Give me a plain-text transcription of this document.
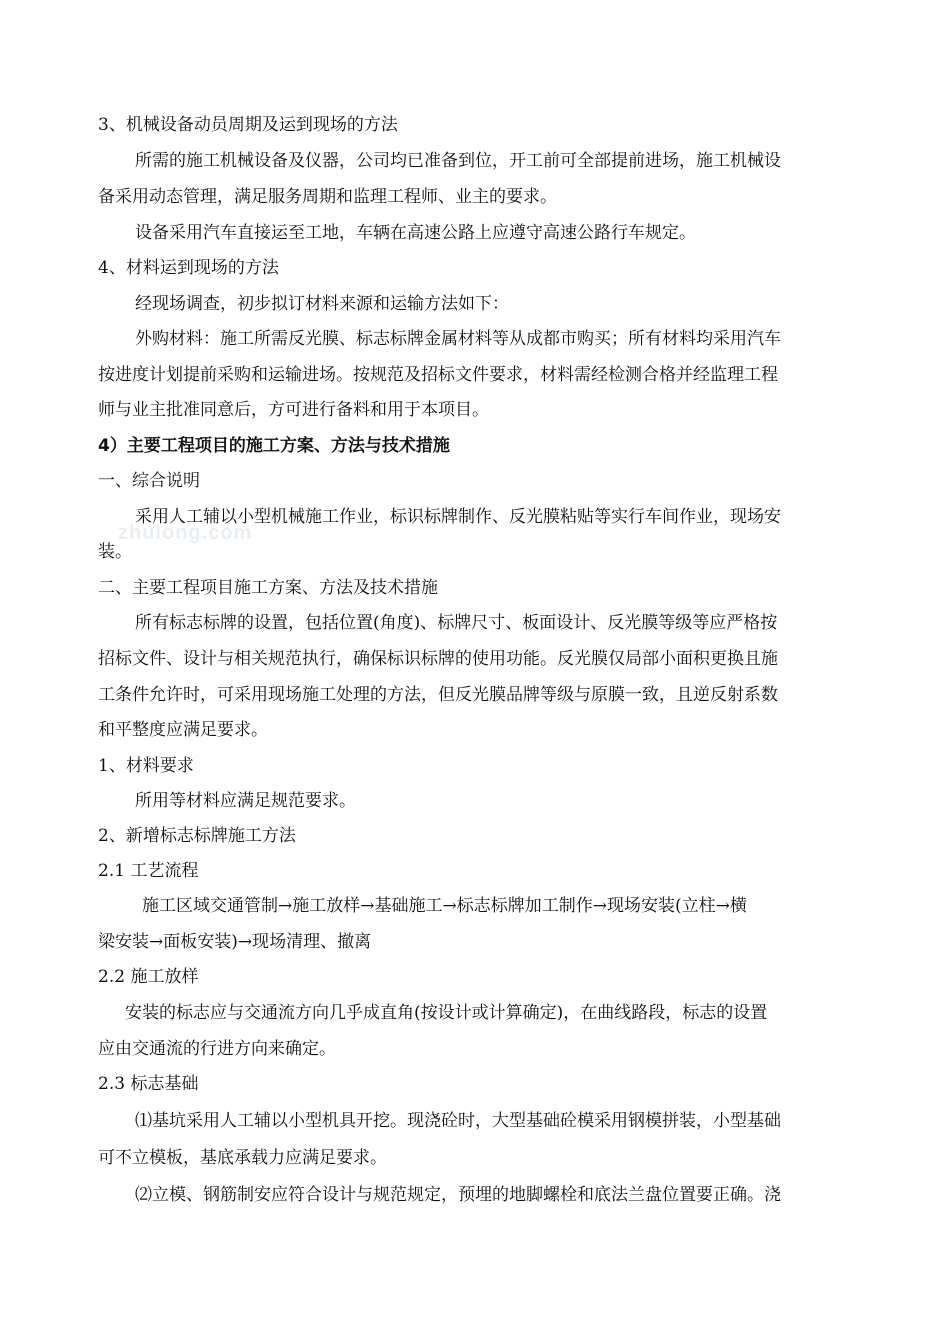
zhulong.com
3、机械设备动员周期及运到现场的方法
所需的施工机械设备及仪器，公司均已准备到位，开工前可全部提前进场，施工机械设
备采用动态管理，满足服务周期和监理工程师、业主的要求。
设备采用汽车直接运至工地，车辆在高速公路上应遵守高速公路行车规定。
4、材料运到现场的方法
经现场调查，初步拟订材料来源和运输方法如下：
外购材料：施工所需反光膜、标志标牌金属材料等从成都市购买；所有材料均采用汽车
按进度计划提前采购和运输进场。按规范及招标文件要求，材料需经检测合格并经监理工程
师与业主批准同意后，方可进行备料和用于本项目。
4）主要工程项目的施工方案、方法与技术措施
一、综合说明
采用人工辅以小型机械施工作业，标识标牌制作、反光膜粘贴等实行车间作业，现场安
装。
二、主要工程项目施工方案、方法及技术措施
所有标志标牌的设置，包括位置(角度)、标牌尺寸、板面设计、反光膜等级等应严格按
招标文件、设计与相关规范执行，确保标识标牌的使用功能。反光膜仅局部小面积更换且施
工条件允许时，可采用现场施工处理的方法，但反光膜品牌等级与原膜一致，且逆反射系数
和平整度应满足要求。
1、材料要求
所用等材料应满足规范要求。
2、新增标志标牌施工方法
2.1 工艺流程
施工区域交通管制→施工放样→基础施工→标志标牌加工制作→现场安装(立柱→横
梁安装→面板安装)→现场清理、撤离
2.2 施工放样
安装的标志应与交通流方向几乎成直角(按设计或计算确定)，在曲线路段，标志的设置
应由交通流的行进方向来确定。
2.3 标志基础
⑴基坑采用人工辅以小型机具开挖。现浇砼时，大型基础砼模采用钢模拼装，小型基础
可不立模板，基底承载力应满足要求。
⑵立模、钢筋制安应符合设计与规范规定，预埋的地脚螺栓和底法兰盘位置要正确。浇
